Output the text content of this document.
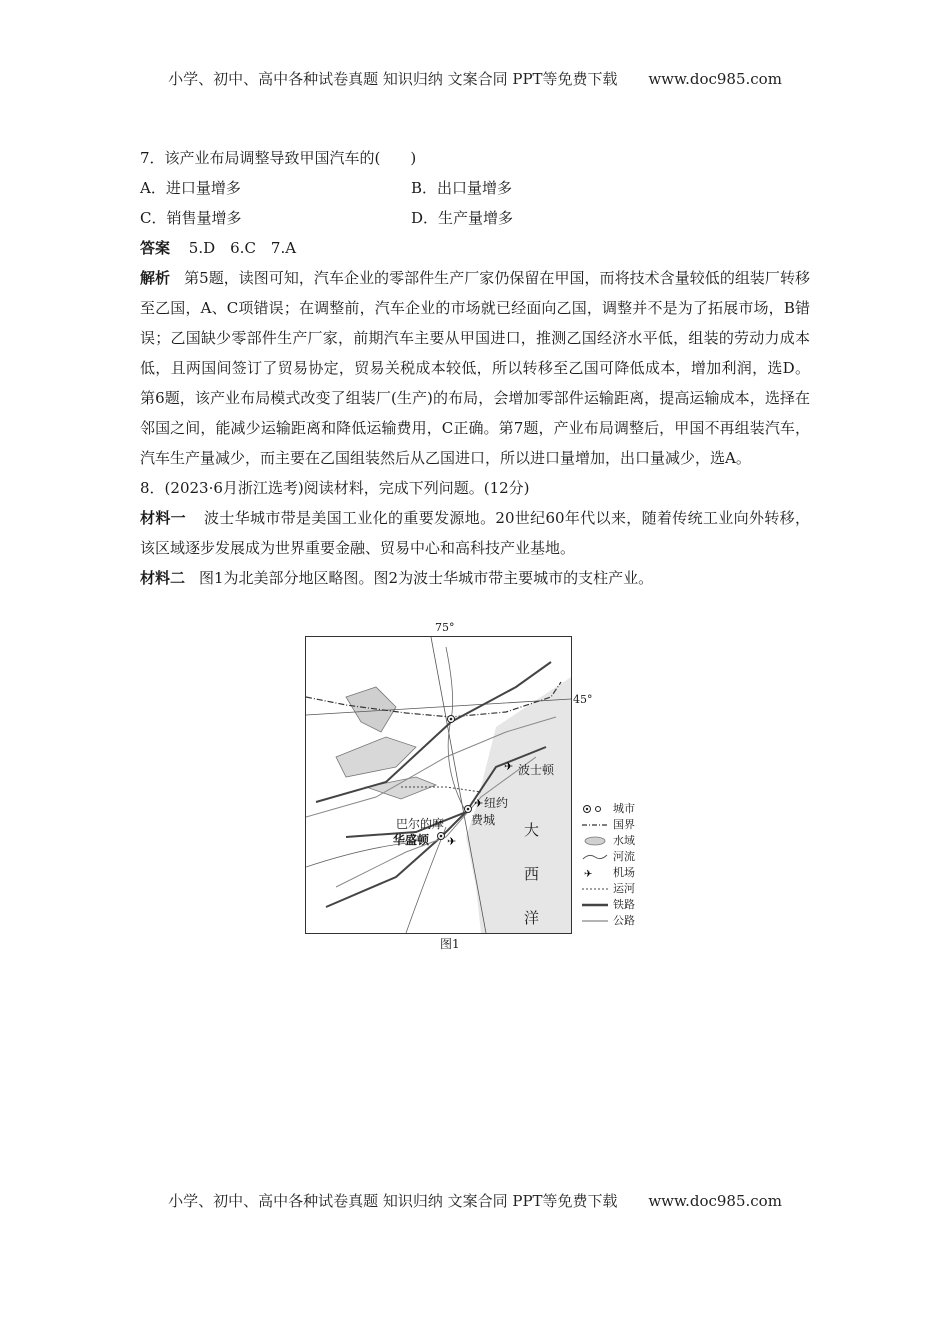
小学、初中、高中各种试卷真题 知识归纳 文案合同 PPT等免费下载 www.doc985.com
7．该产业布局调整导致甲国汽车的(　　)
A．进口量增多	B．出口量增多
C．销售量增多	D．生产量增多
答案 5.D　6.C　7.A
解析 第5题，读图可知，汽车企业的零部件生产厂家仍保留在甲国，而将技术含量较低的组装厂转移至乙国，A、C项错误；在调整前，汽车企业的市场就已经面向乙国，调整并不是为了拓展市场，B错误；乙国缺少零部件生产厂家，前期汽车主要从甲国进口，推测乙国经济水平低，组装的劳动力成本低，且两国间签订了贸易协定，贸易关税成本较低，所以转移至乙国可降低成本，增加利润，选D。第6题，该产业布局模式改变了组装厂(生产)的布局，会增加零部件运输距离，提高运输成本，选择在邻国之间，能减少运输距离和降低运输费用，C正确。第7题，产业布局调整后，甲国不再组装汽车，汽车生产量减少，而主要在乙国组装然后从乙国进口，所以进口量增加，出口量减少，选A。
8．(2023·6月浙江选考)阅读材料，完成下列问题。(12分)
材料一 波士华城市带是美国工业化的重要发源地。20世纪60年代以来，随着传统工业向外转移，该区域逐步发展成为世界重要金融、贸易中心和高科技产业基地。
材料二 图1为北美部分地区略图。图2为波士华城市带主要城市的支柱产业。
75°
✈
✈
✈
波士顿
纽约
费城
巴尔的摩
华盛顿
大
西
洋
45°
城市
国界
水域
河流
✈ 机场
运河
铁路
公路
图1
小学、初中、高中各种试卷真题 知识归纳 文案合同 PPT等免费下载 www.doc985.com
